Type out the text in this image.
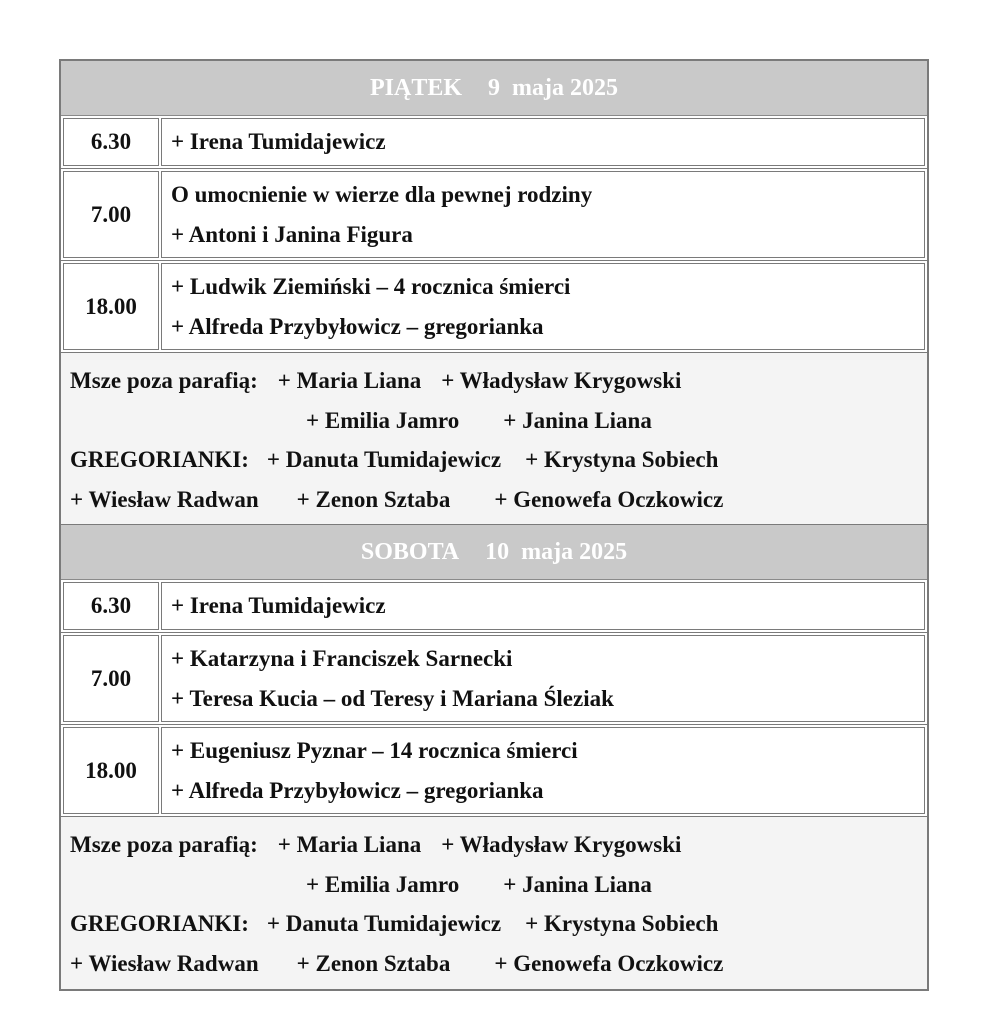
PIĄTEK 9  maja 2025
6.30	+ Irena Tumidajewicz
7.00
O umocnienie w wierze dla pewnej rodziny
+ Antoni i Janina Figura
18.00
+ Ludwik Ziemiński – 4 rocznica śmierci
+ Alfreda Przybyłowicz – gregorianka
Msze poza parafią: + Maria Liana + Władysław Krygowski
+ Emilia Jamro + Janina Liana
GREGORIANKI: + Danuta Tumidajewicz + Krystyna Sobiech
+ Wiesław Radwan + Zenon Sztaba + Genowefa Oczkowicz
SOBOTA 10  maja 2025
6.30	+ Irena Tumidajewicz
7.00
+ Katarzyna i Franciszek Sarnecki
+ Teresa Kucia – od Teresy i Mariana Śleziak
18.00
+ Eugeniusz Pyznar – 14 rocznica śmierci
+ Alfreda Przybyłowicz – gregorianka
Msze poza parafią: + Maria Liana + Władysław Krygowski
+ Emilia Jamro + Janina Liana
GREGORIANKI: + Danuta Tumidajewicz + Krystyna Sobiech
+ Wiesław Radwan + Zenon Sztaba + Genowefa Oczkowicz
